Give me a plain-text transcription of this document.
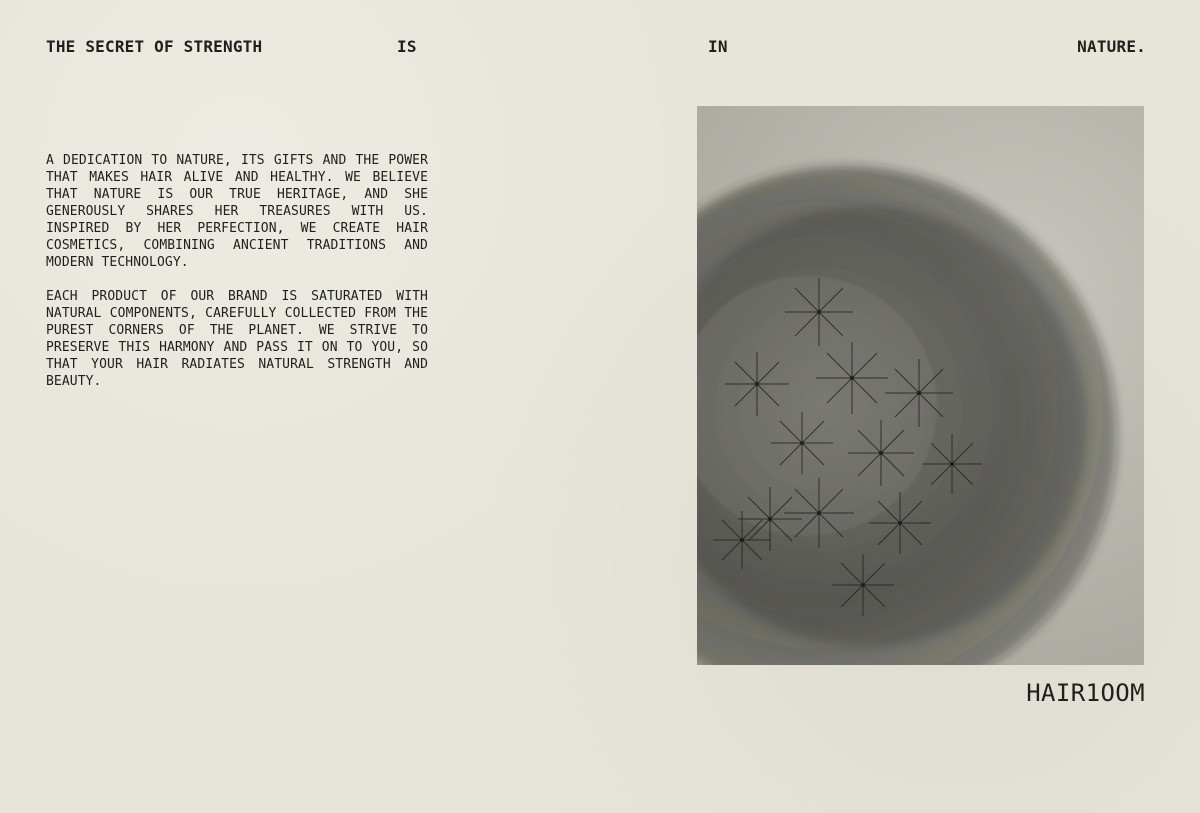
THE SECRET OF STRENGTH	IS	IN	NATURE.

A DEDICATION TO NATURE, ITS GIFTS AND THE POWER THAT MAKES HAIR ALIVE AND HEALTHY. WE BELIEVE THAT NATURE IS OUR TRUE HERITAGE, AND SHE GENEROUSLY SHARES HER TREASURES WITH US. INSPIRED BY HER PERFECTION, WE CREATE HAIR COSMETICS, COMBINING ANCIENT TRADITIONS AND MODERN TECHNOLOGY.

EACH PRODUCT OF OUR BRAND IS SATURATED WITH NATURAL COMPONENTS, CAREFULLY COLLECTED FROM THE PUREST CORNERS OF THE PLANET. WE STRIVE TO PRESERVE THIS HARMONY AND PASS IT ON TO YOU, SO THAT YOUR HAIR RADIATES NATURAL STRENGTH AND BEAUTY.

HAIR1OOM
